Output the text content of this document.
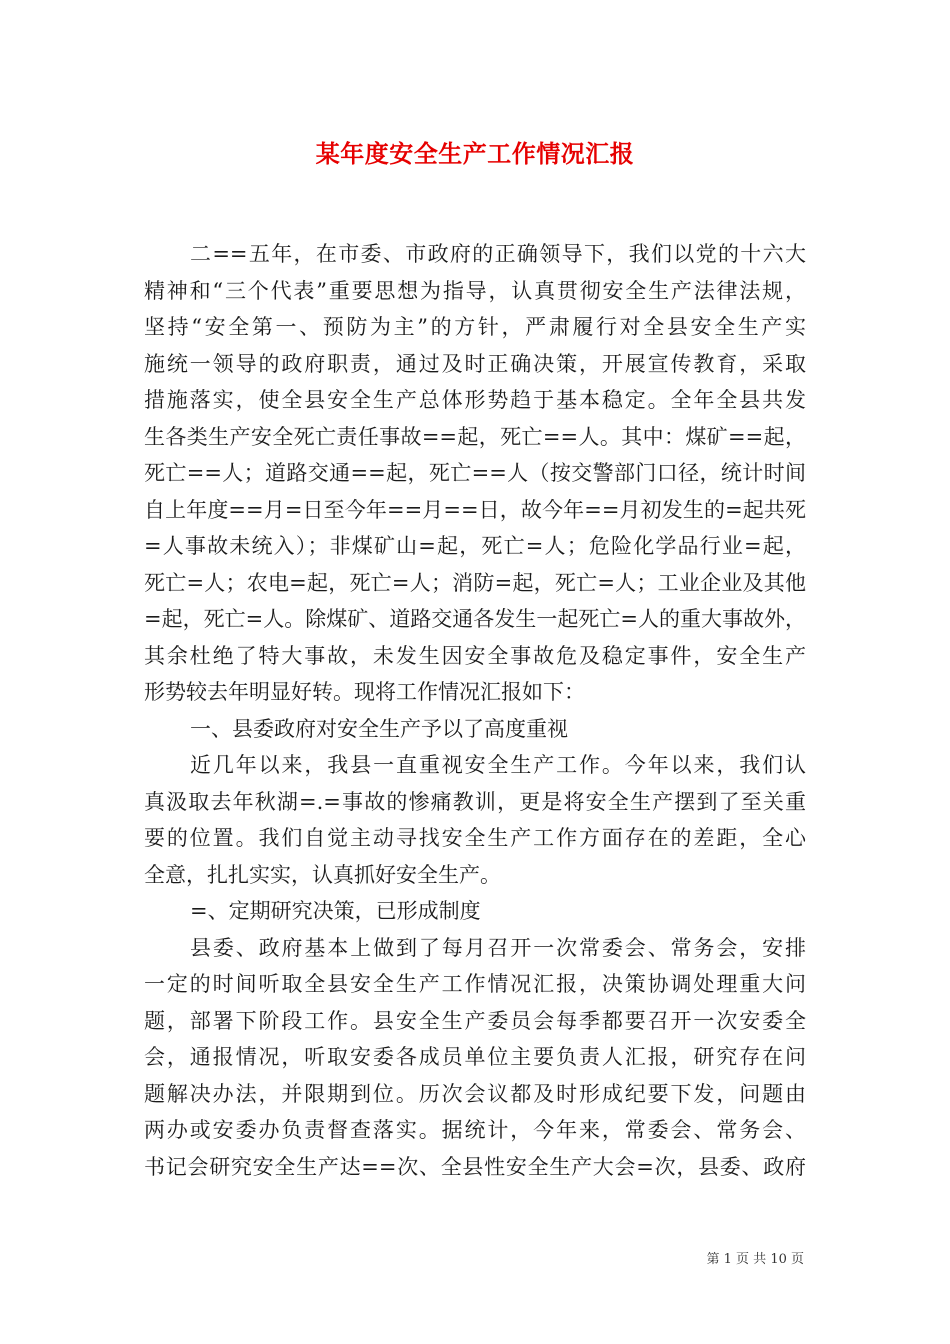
某年度安全生产工作情况汇报
二==五年，在市委、市政府的正确领导下，我们以党的十六大
精神和“三个代表”重要思想为指导，认真贯彻安全生产法律法规，
坚持“安全第一、预防为主”的方针，严肃履行对全县安全生产实
施统一领导的政府职责，通过及时正确决策，开展宣传教育，采取
措施落实，使全县安全生产总体形势趋于基本稳定。全年全县共发
生各类生产安全死亡责任事故==起，死亡==人。其中：煤矿==起，
死亡==人；道路交通==起，死亡==人（按交警部门口径，统计时间
自上年度==月=日至今年==月==日，故今年==月初发生的=起共死
=人事故未统入）；非煤矿山=起，死亡=人；危险化学品行业=起，
死亡=人；农电=起，死亡=人；消防=起，死亡=人；工业企业及其他
=起，死亡=人。除煤矿、道路交通各发生一起死亡=人的重大事故外，
其余杜绝了特大事故，未发生因安全事故危及稳定事件，安全生产
形势较去年明显好转。现将工作情况汇报如下：
一、县委政府对安全生产予以了高度重视
近几年以来，我县一直重视安全生产工作。今年以来，我们认
真汲取去年秋湖=.=事故的惨痛教训，更是将安全生产摆到了至关重
要的位置。我们自觉主动寻找安全生产工作方面存在的差距，全心
全意，扎扎实实，认真抓好安全生产。
=、定期研究决策，已形成制度
县委、政府基本上做到了每月召开一次常委会、常务会，安排
一定的时间听取全县安全生产工作情况汇报，决策协调处理重大问
题，部署下阶段工作。县安全生产委员会每季都要召开一次安委全
会，通报情况，听取安委各成员单位主要负责人汇报，研究存在问
题解决办法，并限期到位。历次会议都及时形成纪要下发，问题由
两办或安委办负责督查落实。据统计，今年来，常委会、常务会、
书记会研究安全生产达==次、全县性安全生产大会=次，县委、政府
第 1 页 共 10 页
